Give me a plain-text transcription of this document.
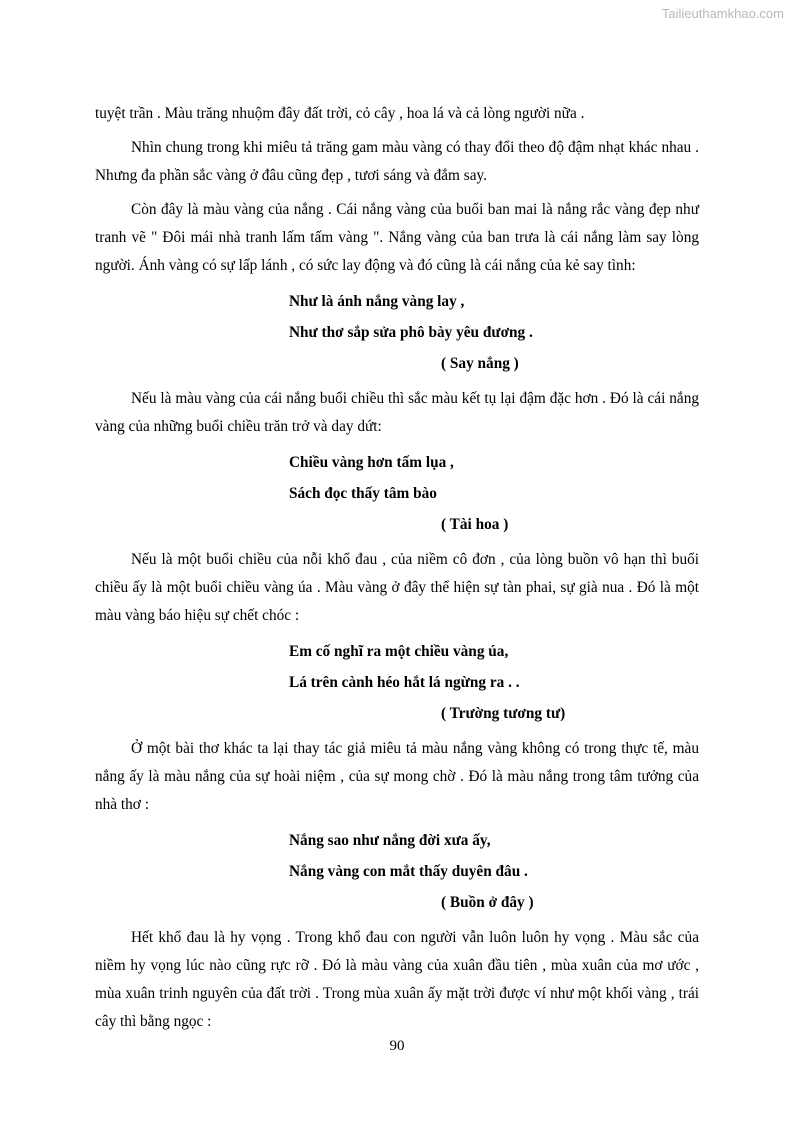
Tailieuthamkhao.com

tuyệt trần . Màu trăng nhuộm đây đất trời, cỏ cây , hoa lá và cả lòng người nữa .

Nhìn chung trong khi miêu tả trăng gam màu vàng có thay đổi theo độ đậm nhạt khác nhau . Nhưng đa phần sắc vàng ở đâu cũng đẹp , tươi sáng và đắm say.

Còn đây là màu vàng của nắng . Cái nắng vàng của buổi ban mai là nắng rắc vàng đẹp như tranh vẽ " Đôi mái nhà tranh lấm tấm vàng ". Nắng vàng của ban trưa là cái nắng làm say lòng người. Ánh vàng có sự lấp lánh , có sức lay động và đó cũng là cái nắng của kẻ say tình:

Như là ánh nắng vàng lay ,
Như thơ sắp sửa phô bày yêu đương .
( Say nắng )

Nếu là màu vàng của cái nắng buổi chiều thì sắc màu kết tụ lại đậm đặc hơn . Đó là cái nắng vàng của những buổi chiều trăn trở và day dứt:

Chiều vàng hơn tấm lụa ,
Sách đọc thấy tâm bào
( Tài hoa )

Nếu là một buổi chiều của nỗi khổ đau , của niềm cô đơn , của lòng buồn vô hạn thì buổi chiều ấy là một buổi chiều vàng úa . Màu vàng ở đây thể hiện sự tàn phai, sự già nua . Đó là một màu vàng báo hiệu sự chết chóc :

Em cố nghĩ ra một chiều vàng úa,
Lá trên cành héo hắt lá ngừng ra . .
( Trường tương tư)

Ở một bài thơ khác ta lại thay tác giả miêu tả màu nắng vàng không có trong thực tế, màu nắng ấy là màu nắng của sự hoài niệm , của sự mong chờ . Đó là màu nắng trong tâm tưởng của nhà thơ :

Nắng sao như nắng đời xưa ấy,
Nắng vàng con mắt thấy duyên đâu .
( Buồn ở đây )

Hết khổ đau là hy vọng . Trong khổ đau con người vẫn luôn luôn hy vọng . Màu sắc của niềm hy vọng lúc nào cũng rực rỡ . Đó là màu vàng của xuân đầu tiên , mùa xuân của mơ ước , mùa xuân trinh nguyên của đất trời . Trong mùa xuân ấy mặt trời được ví như một khối vàng , trái cây thì bằng ngọc :

90
